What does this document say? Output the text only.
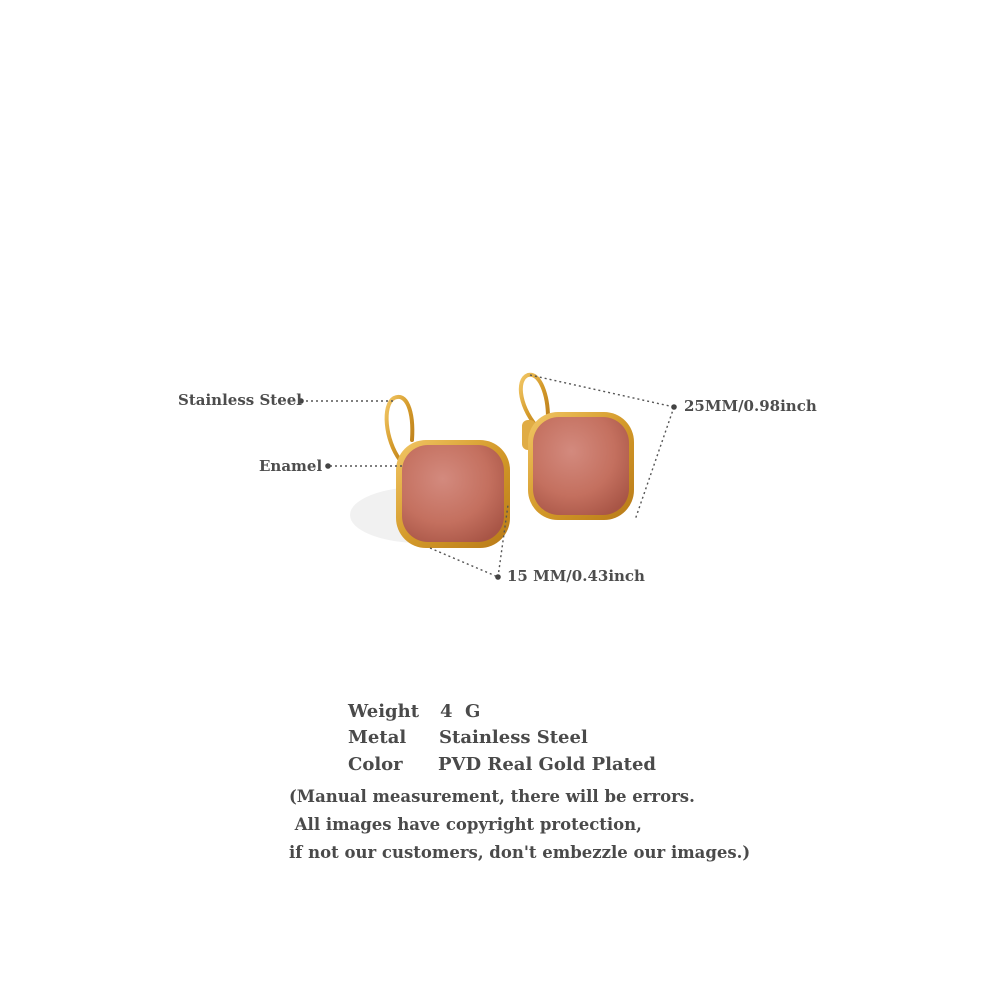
Stainless Steel
Enamel
25MM/0.98inch
15 MM/0.43inch
Weight 4  G
Metal Stainless Steel
Color PVD Real Gold Plated
(Manual measurement, there will be errors.
All images have copyright protection,
if not our customers, don't embezzle our images.)
